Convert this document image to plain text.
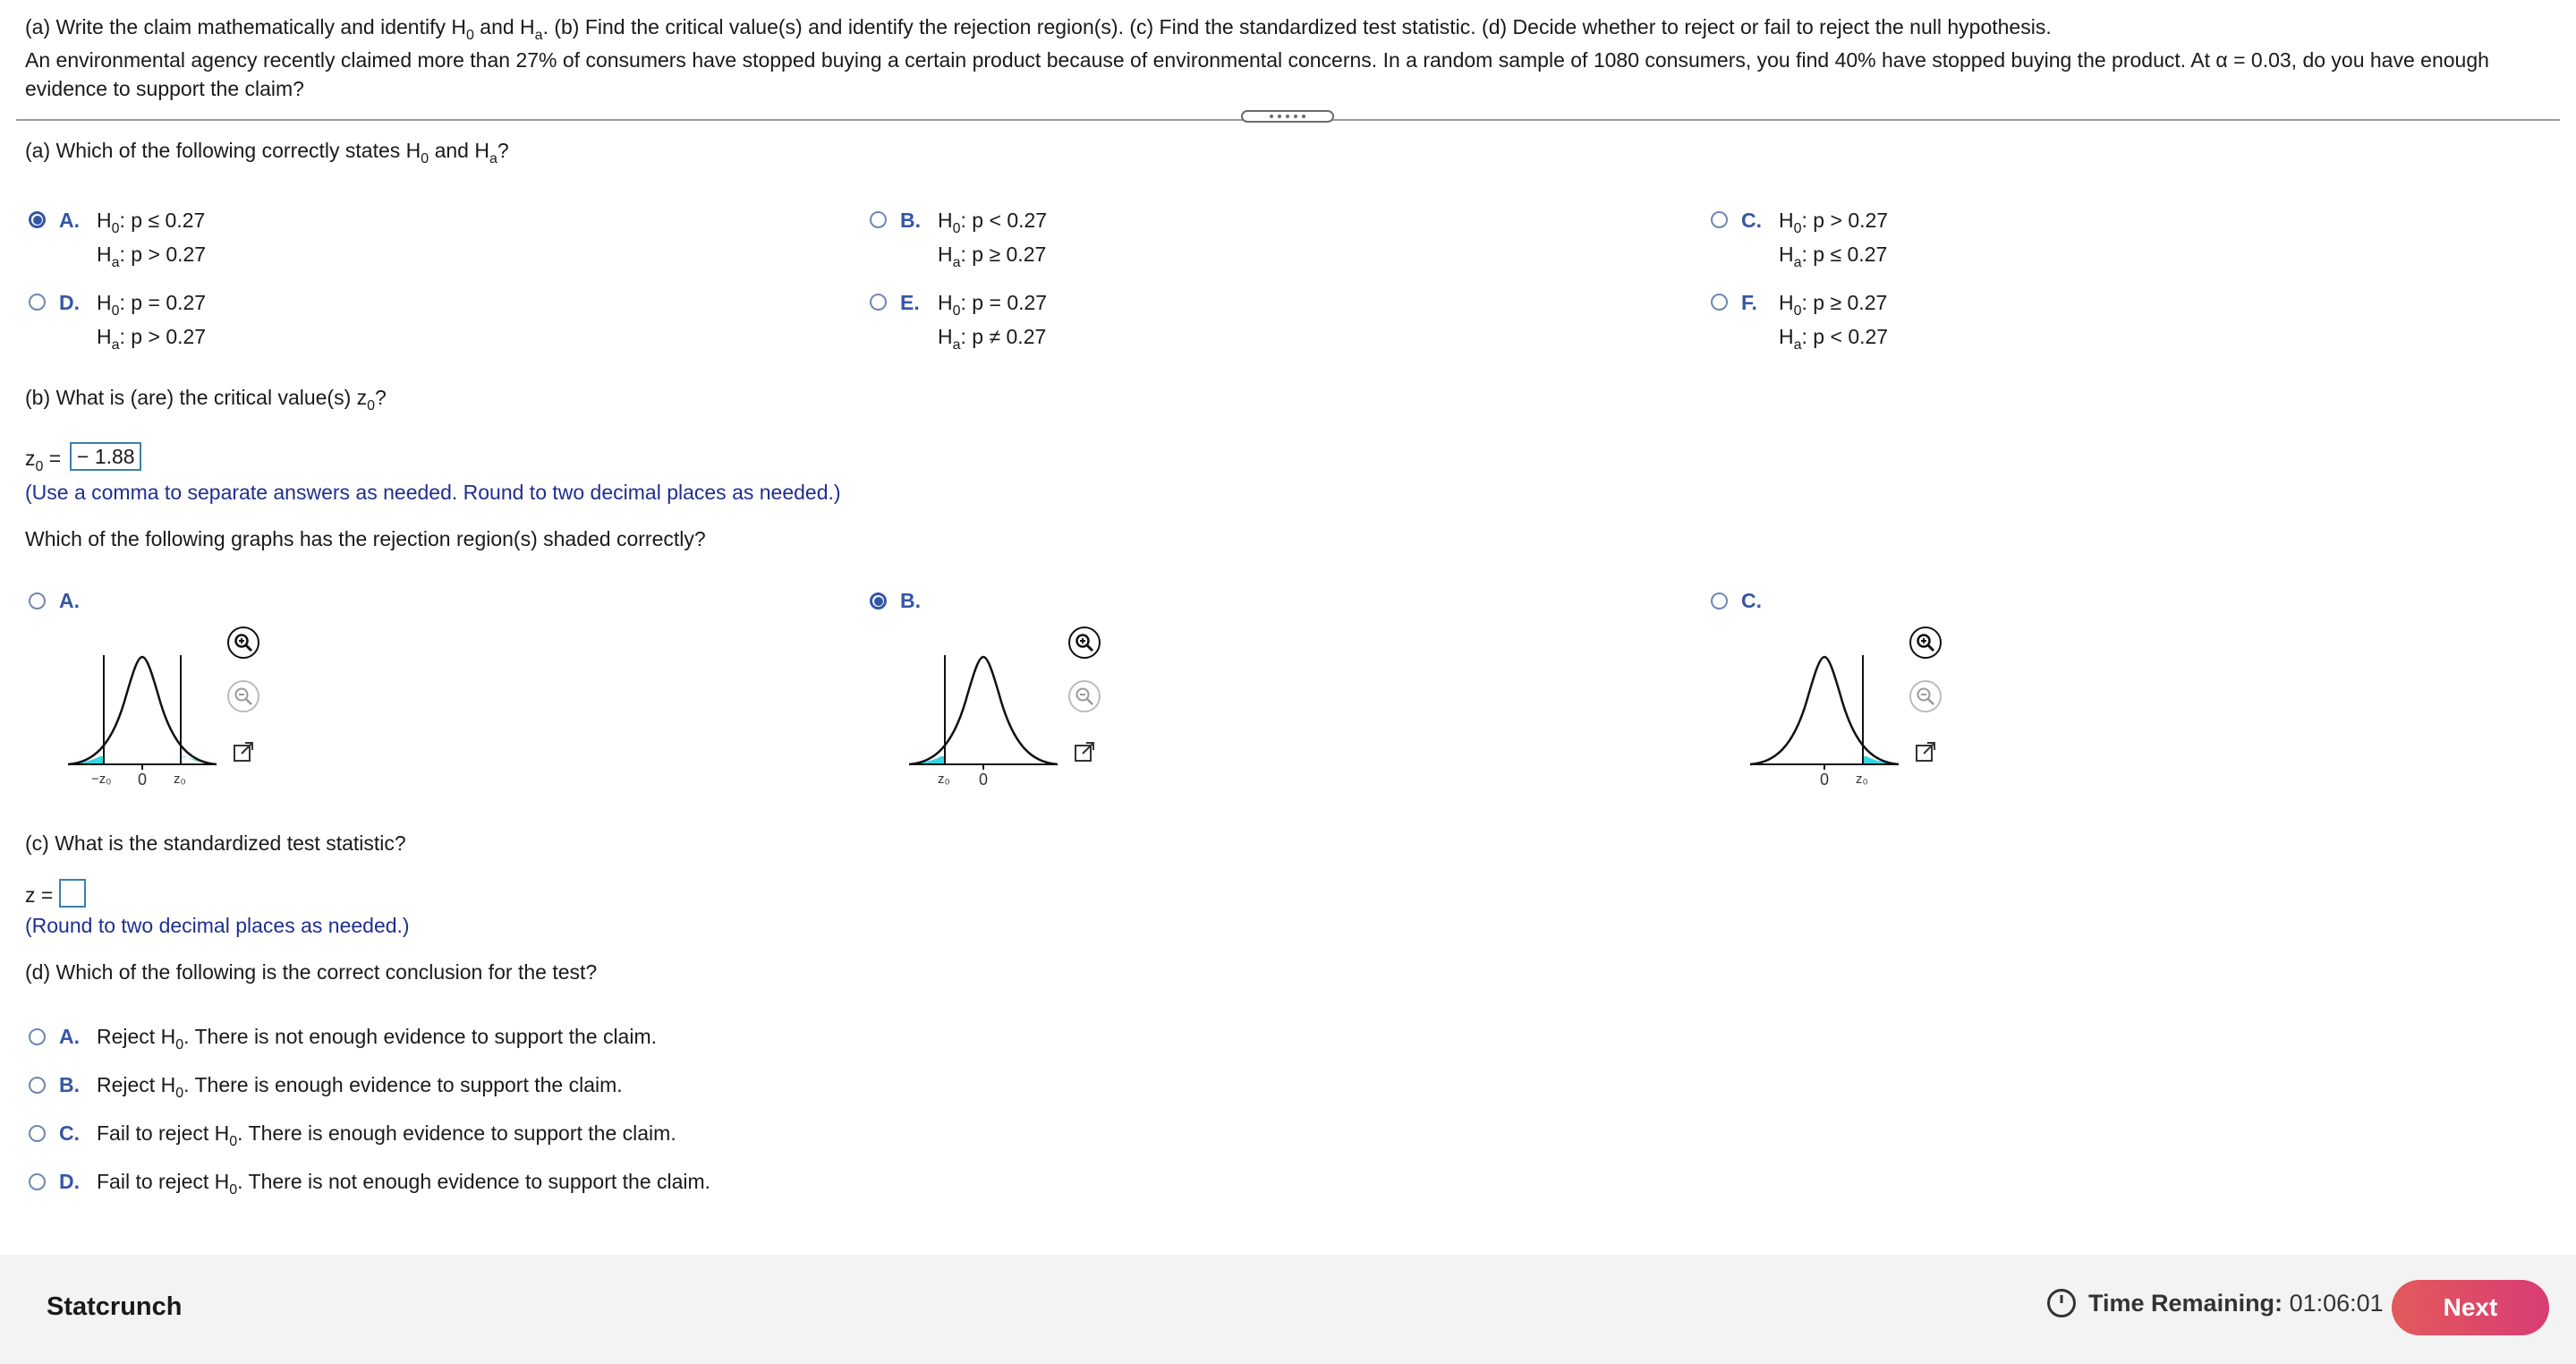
(a) Write the claim mathematically and identify $H_0$ and $H_a$. (b) Find the critical value(s) and identify the rejection region(s). (c) Find the standardized test statistic. (d) Decide whether to reject or fail to reject the null hypothesis.
An environmental agency recently claimed more than 27% of consumers have stopped buying a certain product because of environmental concerns. In a random sample of 1080 consumers, you find 40% have stopped buying the product. At α = 0.03, do you have enough
evidence to support the claim?
(a) Which of the following correctly states $H_0$ and $H_a$?
A. $H_0$: p ≤ 0.27
$H_a$: p > 0.27
B. $H_0$: p < 0.27
$H_a$: p ≥ 0.27
C. $H_0$: p > 0.27
$H_a$: p ≤ 0.27
D. $H_0$: p = 0.27
$H_a$: p > 0.27
E. $H_0$: p = 0.27
$H_a$: p ≠ 0.27
F. $H_0$: p ≥ 0.27
$H_a$: p < 0.27
(b) What is (are) the critical value(s) $z_0$?
$z_0$ = − 1.88
(Use a comma to separate answers as needed. Round to two decimal places as needed.)
Which of the following graphs has the rejection region(s) shaded correctly?
A.
−z₀ 0 z₀
B.
z₀ 0
C.
0 z₀
(c) What is the standardized test statistic?
z =
(Round to two decimal places as needed.)
(d) Which of the following is the correct conclusion for the test?
A. Reject $H_0$. There is not enough evidence to support the claim.
B. Reject $H_0$. There is enough evidence to support the claim.
C. Fail to reject $H_0$. There is enough evidence to support the claim.
D. Fail to reject $H_0$. There is not enough evidence to support the claim.
Statcrunch	Time Remaining: 01:06:01	Next
